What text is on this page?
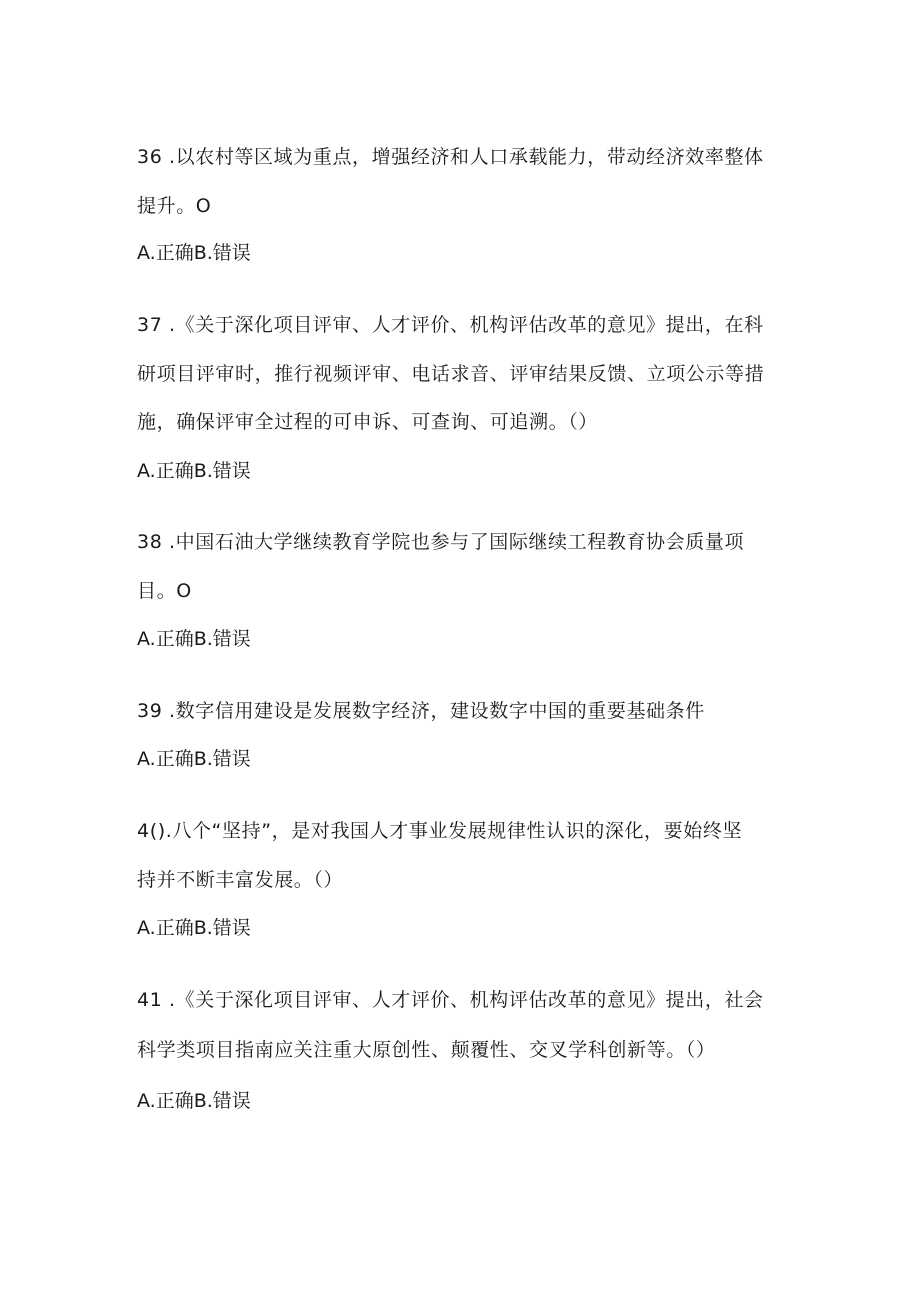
36 .以农村等区域为重点，增强经济和人口承载能力，带动经济效率整体
提升。O
A.正确B.错误
37 .《关于深化项目评审、人才评价、机构评估改革的意见》提出，在科
研项目评审时，推行视频评审、电话求音、评审结果反馈、立项公示等措
施，确保评审全过程的可申诉、可查询、可追溯。（）
A.正确B.错误
38 .中国石油大学继续教育学院也参与了国际继续工程教育协会质量项
目。O
A.正确B.错误
39 .数字信用建设是发展数字经济，建设数字中国的重要基础条件
A.正确B.错误
4().八个“坚持”，是对我国人才事业发展规律性认识的深化，要始终坚
持并不断丰富发展。（）
A.正确B.错误
41 .《关于深化项目评审、人才评价、机构评估改革的意见》提出，社会
科学类项目指南应关注重大原创性、颠覆性、交叉学科创新等。（）
A.正确B.错误
